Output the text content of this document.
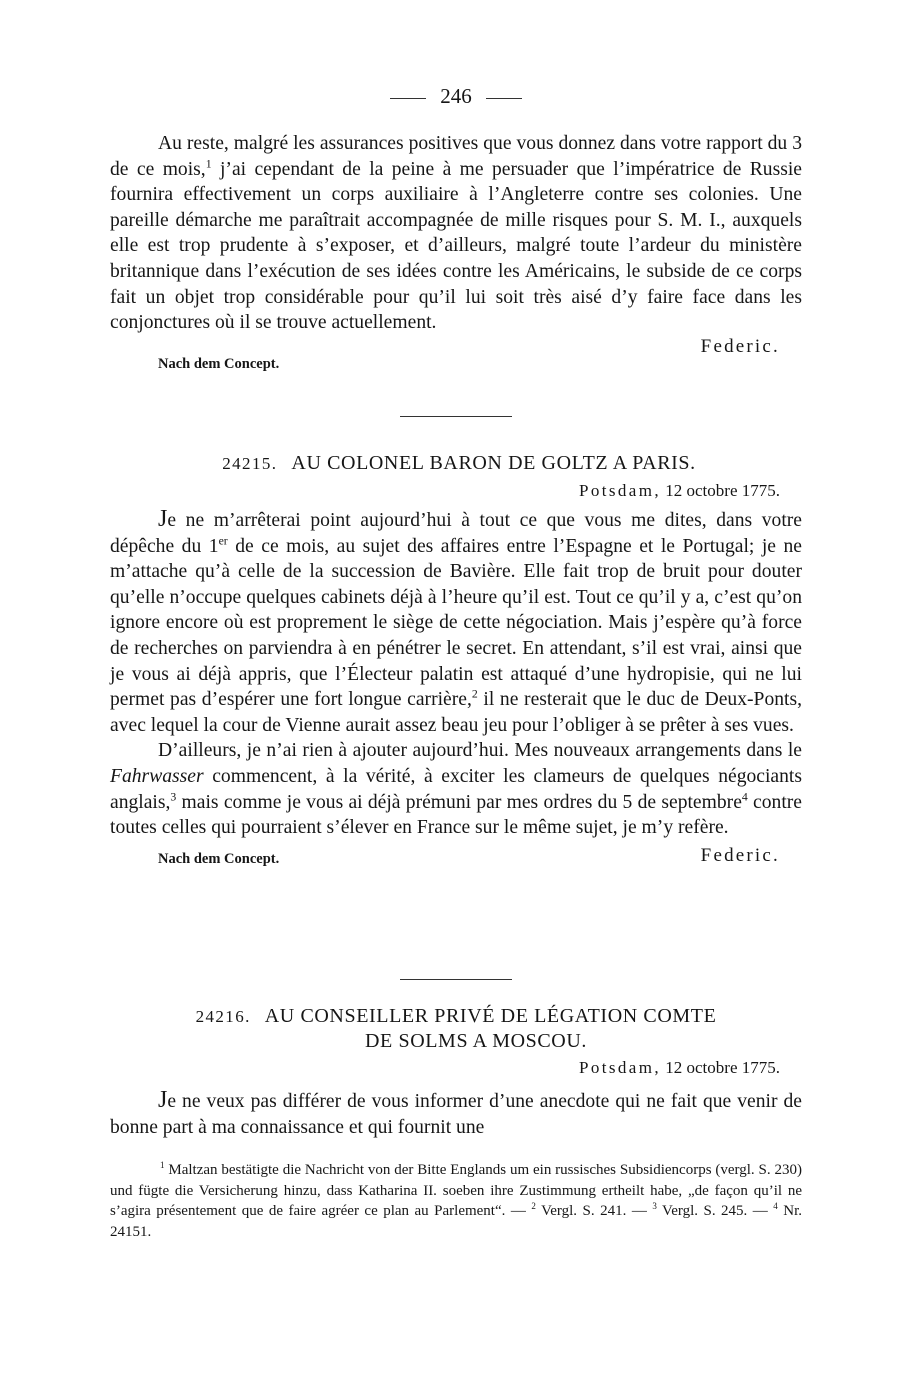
246

Au reste, malgré les assurances positives que vous donnez dans votre rapport du 3 de ce mois,$^1$ j’ai cependant de la peine à me persuader que l’impératrice de Russie fournira effectivement un corps auxiliaire à l’Angleterre contre ses colonies. Une pareille démarche me paraîtrait accompagnée de mille risques pour S. M. I., auxquels elle est trop prudente à s’exposer, et d’ailleurs, malgré toute l’ardeur du ministère britannique dans l’exécution de ses idées contre les Américains, le subside de ce corps fait un objet trop considérable pour qu’il lui soit très aisé d’y faire face dans les conjonctures où il se trouve actuellement.

Federic.
Nach dem Concept.
24215. AU COLONEL BARON DE GOLTZ A PARIS.
Potsdam, 12 octobre 1775.

Je ne m’arrêterai point aujourd’hui à tout ce que vous me dites, dans votre dépêche du 1er de ce mois, au sujet des affaires entre l’Espagne et le Portugal; je ne m’attache qu’à celle de la succession de Bavière. Elle fait trop de bruit pour douter qu’elle n’occupe quelques cabinets déjà à l’heure qu’il est. Tout ce qu’il y a, c’est qu’on ignore encore où est proprement le siège de cette négociation. Mais j’espère qu’à force de recherches on parviendra à en pénétrer le secret. En attendant, s’il est vrai, ainsi que je vous ai déjà appris, que l’Électeur palatin est attaqué d’une hydropisie, qui ne lui permet pas d’espérer une fort longue carrière,$^2$ il ne resterait que le duc de Deux-Ponts, avec lequel la cour de Vienne aurait assez beau jeu pour l’obliger à se prêter à ses vues.

D’ailleurs, je n’ai rien à ajouter aujourd’hui. Mes nouveaux arrangements dans le Fahrwasser commencent, à la vérité, à exciter les clameurs de quelques négociants anglais,$^3$ mais comme je vous ai déjà prémuni par mes ordres du 5 de septembre$^4$ contre toutes celles qui pourraient s’élever en France sur le même sujet, je m’y refère.

Nach dem Concept.	Federic.
24216. AU CONSEILLER PRIVÉ DE LÉGATION COMTE
DE SOLMS A MOSCOU.
Potsdam, 12 octobre 1775.

Je ne veux pas différer de vous informer d’une anecdote qui ne fait que venir de bonne part à ma connaissance et qui fournit une

$^1$ Maltzan bestätigte die Nachricht von der Bitte Englands um ein russisches Subsidiencorps (vergl. S. 230) und fügte die Versicherung hinzu, dass Katharina II. soeben ihre Zustimmung ertheilt habe, „de façon qu’il ne s’agira présentement que de faire agréer ce plan au Parlement“. — $^2$ Vergl. S. 241. — $^3$ Vergl. S. 245. — $^4$ Nr. 24151.
